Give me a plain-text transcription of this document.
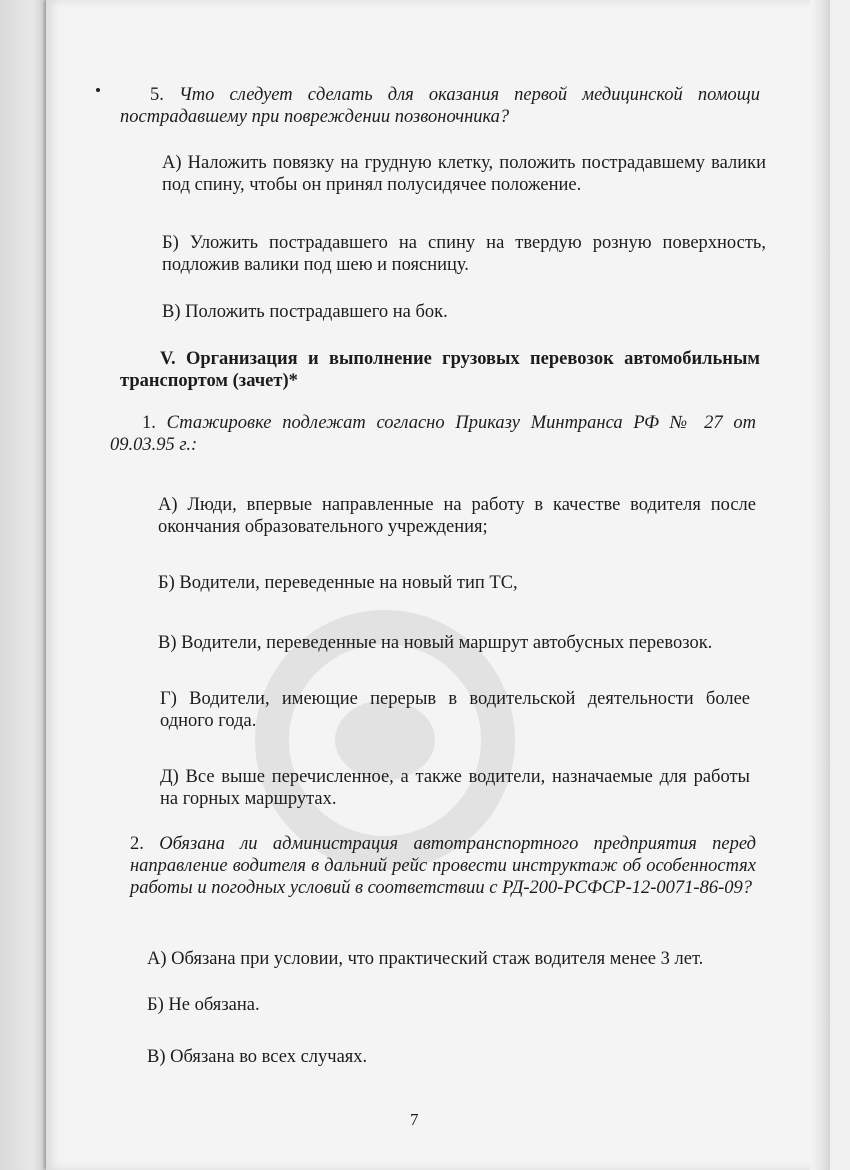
5. Что следует сделать для оказания первой медицинской помощи пострадавшему при повреждении позвоночника?
А) Наложить повязку на грудную клетку, положить пострадавшему валики под спину, чтобы он принял полусидячее положение.
Б) Уложить пострадавшего на спину на твердую розную поверхность, подложив валики под шею и поясницу.
В) Положить пострадавшего на бок.
V. Организация и выполнение грузовых перевозок автомобильным транспортом (зачет)*
1. Стажировке подлежат согласно Приказу Минтранса РФ № 27 от 09.03.95 г.:
А) Люди, впервые направленные на работу в качестве водителя после окончания образовательного учреждения;
Б) Водители, переведенные на новый тип ТС,
В) Водители, переведенные на новый маршрут автобусных перевозок.
Г) Водители, имеющие перерыв в водительской деятельности более одного года.
Д) Все выше перечисленное, а также водители, назначаемые для работы на горных маршрутах.
2. Обязана ли администрация автотранспортного предприятия перед направление водителя в дальний рейс провести инструктаж об особенностях работы и погодных условий в соответствии с РД-200-РСФСР-12-0071-86-09?
А) Обязана при условии, что практический стаж водителя менее 3 лет.
Б) Не обязана.
В) Обязана во всех случаях.
7
